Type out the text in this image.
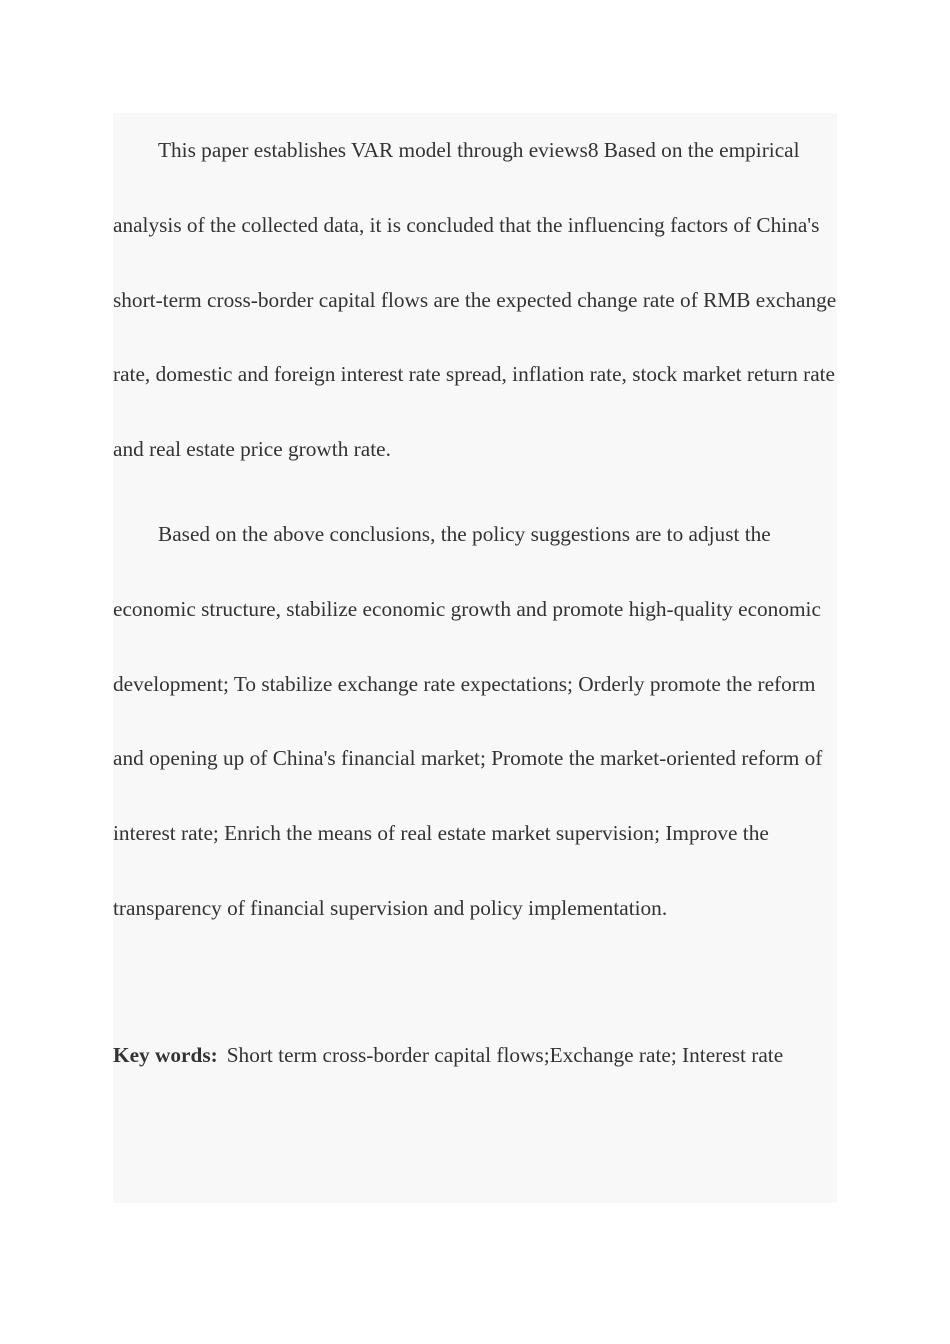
This paper establishes VAR model through eviews8 Based on the empirical analysis of the collected data, it is concluded that the influencing factors of China's short-term cross-border capital flows are the expected change rate of RMB exchange rate, domestic and foreign interest rate spread, inflation rate, stock market return rate and real estate price growth rate.

Based on the above conclusions, the policy suggestions are to adjust the economic structure, stabilize economic growth and promote high-quality economic development; To stabilize exchange rate expectations; Orderly promote the reform and opening up of China's financial market; Promote the market-oriented reform of interest rate; Enrich the means of real estate market supervision; Improve the transparency of financial supervision and policy implementation.

Key words: Short term cross-border capital flows;Exchange rate; Interest rate
